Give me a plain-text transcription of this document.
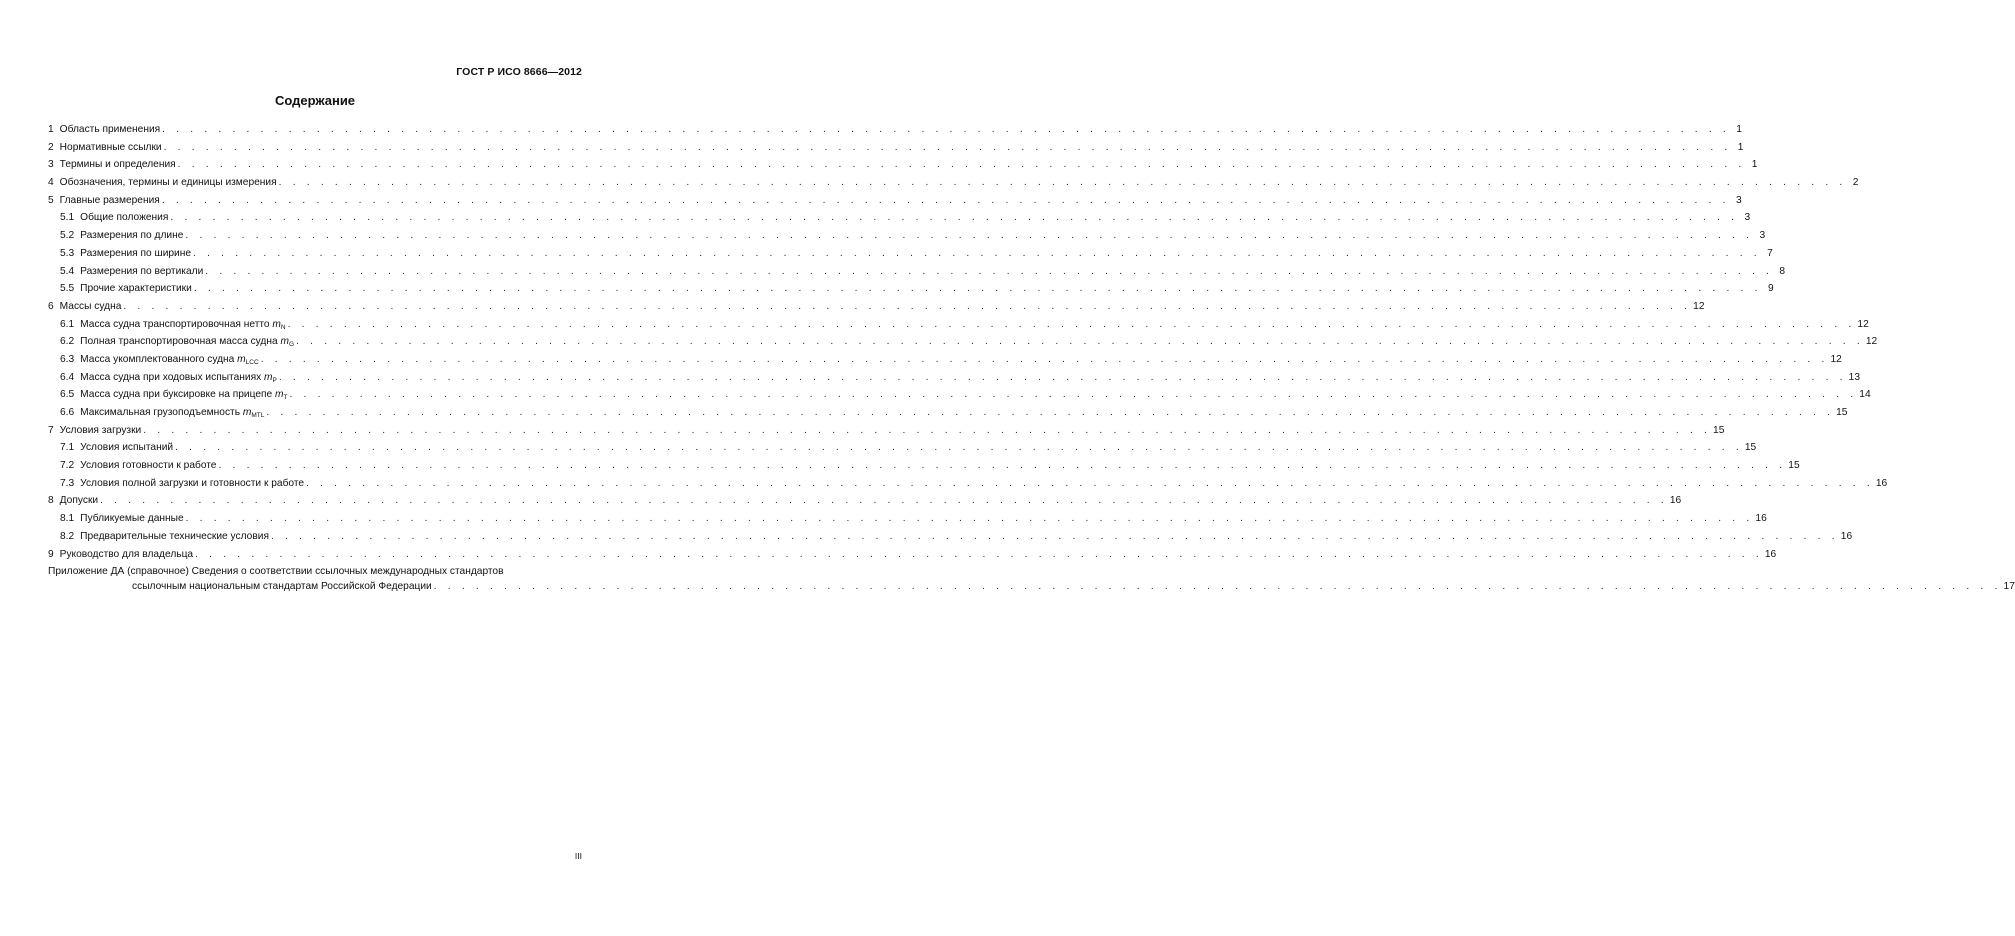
ГОСТ Р ИСО 8666—2012
Содержание
1 Область применения . . . . . . . . . . . . . . . . . . . . . . . . . . . . . . . . . . . . . . . . . . . . . . . . . . . . . . . . . . . . . . . . . . . . . . . . . . . . . . . . . . . . . . . . . . . . . . . . . . . . . . . . . . . . . . . . 1
2 Нормативные ссылки . . . . . . . . . . . . . . . . . . . . . . . . . . . . . . . . . . . . . . . . . . . . . . . . . . . . . . . . . . . . . . . . . . . . . . . . . . . . . . . . . . . . . . . . . . . . . . . . . . . . . . . . . . . . . . . . 1
3 Термины и определения . . . . . . . . . . . . . . . . . . . . . . . . . . . . . . . . . . . . . . . . . . . . . . . . . . . . . . . . . . . . . . . . . . . . . . . . . . . . . . . . . . . . . . . . . . . . . . . . . . . . . . . . . . . . . . . . 1
4 Обозначения, термины и единицы измерения . . . . . . . . . . . . . . . . . . . . . . . . . . . . . . . . . . . . . . . . . . . . . . . . . . . . . . . . . . . . . . . . . . . . . . . . . . . . . . . . . . . . . . . . . . . . . . . . . . . . . . . . . . . . . . . . 2
5 Главные размерения . . . . . . . . . . . . . . . . . . . . . . . . . . . . . . . . . . . . . . . . . . . . . . . . . . . . . . . . . . . . . . . . . . . . . . . . . . . . . . . . . . . . . . . . . . . . . . . . . . . . . . . . . . . . . . . . 3
5.1 Общие положения . . . . . . . . . . . . . . . . . . . . . . . . . . . . . . . . . . . . . . . . . . . . . . . . . . . . . . . . . . . . . . . . . . . . . . . . . . . . . . . . . . . . . . . . . . . . . . . . . . . . . . . . . . . . . . . . 3
5.2 Размерения по длине . . . . . . . . . . . . . . . . . . . . . . . . . . . . . . . . . . . . . . . . . . . . . . . . . . . . . . . . . . . . . . . . . . . . . . . . . . . . . . . . . . . . . . . . . . . . . . . . . . . . . . . . . . . . . . . . 3
5.3 Размерения по ширине . . . . . . . . . . . . . . . . . . . . . . . . . . . . . . . . . . . . . . . . . . . . . . . . . . . . . . . . . . . . . . . . . . . . . . . . . . . . . . . . . . . . . . . . . . . . . . . . . . . . . . . . . . . . . . . . 7
5.4 Размерения по вертикали . . . . . . . . . . . . . . . . . . . . . . . . . . . . . . . . . . . . . . . . . . . . . . . . . . . . . . . . . . . . . . . . . . . . . . . . . . . . . . . . . . . . . . . . . . . . . . . . . . . . . . . . . . . . . . . . 8
5.5 Прочие характеристики . . . . . . . . . . . . . . . . . . . . . . . . . . . . . . . . . . . . . . . . . . . . . . . . . . . . . . . . . . . . . . . . . . . . . . . . . . . . . . . . . . . . . . . . . . . . . . . . . . . . . . . . . . . . . . . . 9
6 Массы судна . . . . . . . . . . . . . . . . . . . . . . . . . . . . . . . . . . . . . . . . . . . . . . . . . . . . . . . . . . . . . . . . . . . . . . . . . . . . . . . . . . . . . . . . . . . . . . . . . . . . . . . . . . . . . . . . 12
6.1 Масса судна транспортировочная нетто $m_N$ . . . . . . . . . . . . . . . . . . . . . . . . . . . . . . . . . . . . . . . . . . . . . . . . . . . . . . . . . . . . . . . . . . . . . . . . . . . . . . . . . . . . . . . . . . . . . . . . . . . . . . . . . . . . . . . . 12
6.2 Полная транспортировочная масса судна $m_G$ . . . . . . . . . . . . . . . . . . . . . . . . . . . . . . . . . . . . . . . . . . . . . . . . . . . . . . . . . . . . . . . . . . . . . . . . . . . . . . . . . . . . . . . . . . . . . . . . . . . . . . . . . . . . . . . . 12
6.3 Масса укомплектованного судна $m_{LCC}$ . . . . . . . . . . . . . . . . . . . . . . . . . . . . . . . . . . . . . . . . . . . . . . . . . . . . . . . . . . . . . . . . . . . . . . . . . . . . . . . . . . . . . . . . . . . . . . . . . . . . . . . . . . . . . . . . 12
6.4 Масса судна при ходовых испытаниях $m_P$ . . . . . . . . . . . . . . . . . . . . . . . . . . . . . . . . . . . . . . . . . . . . . . . . . . . . . . . . . . . . . . . . . . . . . . . . . . . . . . . . . . . . . . . . . . . . . . . . . . . . . . . . . . . . . . . . 13
6.5 Масса судна при буксировке на прицепе $m_T$ . . . . . . . . . . . . . . . . . . . . . . . . . . . . . . . . . . . . . . . . . . . . . . . . . . . . . . . . . . . . . . . . . . . . . . . . . . . . . . . . . . . . . . . . . . . . . . . . . . . . . . . . . . . . . . . . 14
6.6 Максимальная грузоподъемность $m_{MTL}$ . . . . . . . . . . . . . . . . . . . . . . . . . . . . . . . . . . . . . . . . . . . . . . . . . . . . . . . . . . . . . . . . . . . . . . . . . . . . . . . . . . . . . . . . . . . . . . . . . . . . . . . . . . . . . . . . 15
7 Условия загрузки . . . . . . . . . . . . . . . . . . . . . . . . . . . . . . . . . . . . . . . . . . . . . . . . . . . . . . . . . . . . . . . . . . . . . . . . . . . . . . . . . . . . . . . . . . . . . . . . . . . . . . . . . . . . . . . . 15
7.1 Условия испытаний . . . . . . . . . . . . . . . . . . . . . . . . . . . . . . . . . . . . . . . . . . . . . . . . . . . . . . . . . . . . . . . . . . . . . . . . . . . . . . . . . . . . . . . . . . . . . . . . . . . . . . . . . . . . . . . . 15
7.2 Условия готовности к работе . . . . . . . . . . . . . . . . . . . . . . . . . . . . . . . . . . . . . . . . . . . . . . . . . . . . . . . . . . . . . . . . . . . . . . . . . . . . . . . . . . . . . . . . . . . . . . . . . . . . . . . . . . . . . . . . 15
7.3 Условия полной загрузки и готовности к работе . . . . . . . . . . . . . . . . . . . . . . . . . . . . . . . . . . . . . . . . . . . . . . . . . . . . . . . . . . . . . . . . . . . . . . . . . . . . . . . . . . . . . . . . . . . . . . . . . . . . . . . . . . . . . . . . 16
8 Допуски . . . . . . . . . . . . . . . . . . . . . . . . . . . . . . . . . . . . . . . . . . . . . . . . . . . . . . . . . . . . . . . . . . . . . . . . . . . . . . . . . . . . . . . . . . . . . . . . . . . . . . . . . . . . . . . . 16
8.1 Публикуемые данные . . . . . . . . . . . . . . . . . . . . . . . . . . . . . . . . . . . . . . . . . . . . . . . . . . . . . . . . . . . . . . . . . . . . . . . . . . . . . . . . . . . . . . . . . . . . . . . . . . . . . . . . . . . . . . . . 16
8.2 Предварительные технические условия . . . . . . . . . . . . . . . . . . . . . . . . . . . . . . . . . . . . . . . . . . . . . . . . . . . . . . . . . . . . . . . . . . . . . . . . . . . . . . . . . . . . . . . . . . . . . . . . . . . . . . . . . . . . . . . . 16
9 Руководство для владельца . . . . . . . . . . . . . . . . . . . . . . . . . . . . . . . . . . . . . . . . . . . . . . . . . . . . . . . . . . . . . . . . . . . . . . . . . . . . . . . . . . . . . . . . . . . . . . . . . . . . . . . . . . . . . . . . 16
Приложение ДА (справочное) Сведения о соответствии ссылочных международных стандартов
ссылочным национальным стандартам Российской Федерации . . . . . . . . . . . . . . . . . . . . . . . . . . . . . . . . . . . . . . . . . . . . . . . . . . . . . . . . . . . . . . . . . . . . . . . . . . . . . . . . . . . . . . . . . . . . . . . . . . . . . . . . . . . . . . . . 17
III
